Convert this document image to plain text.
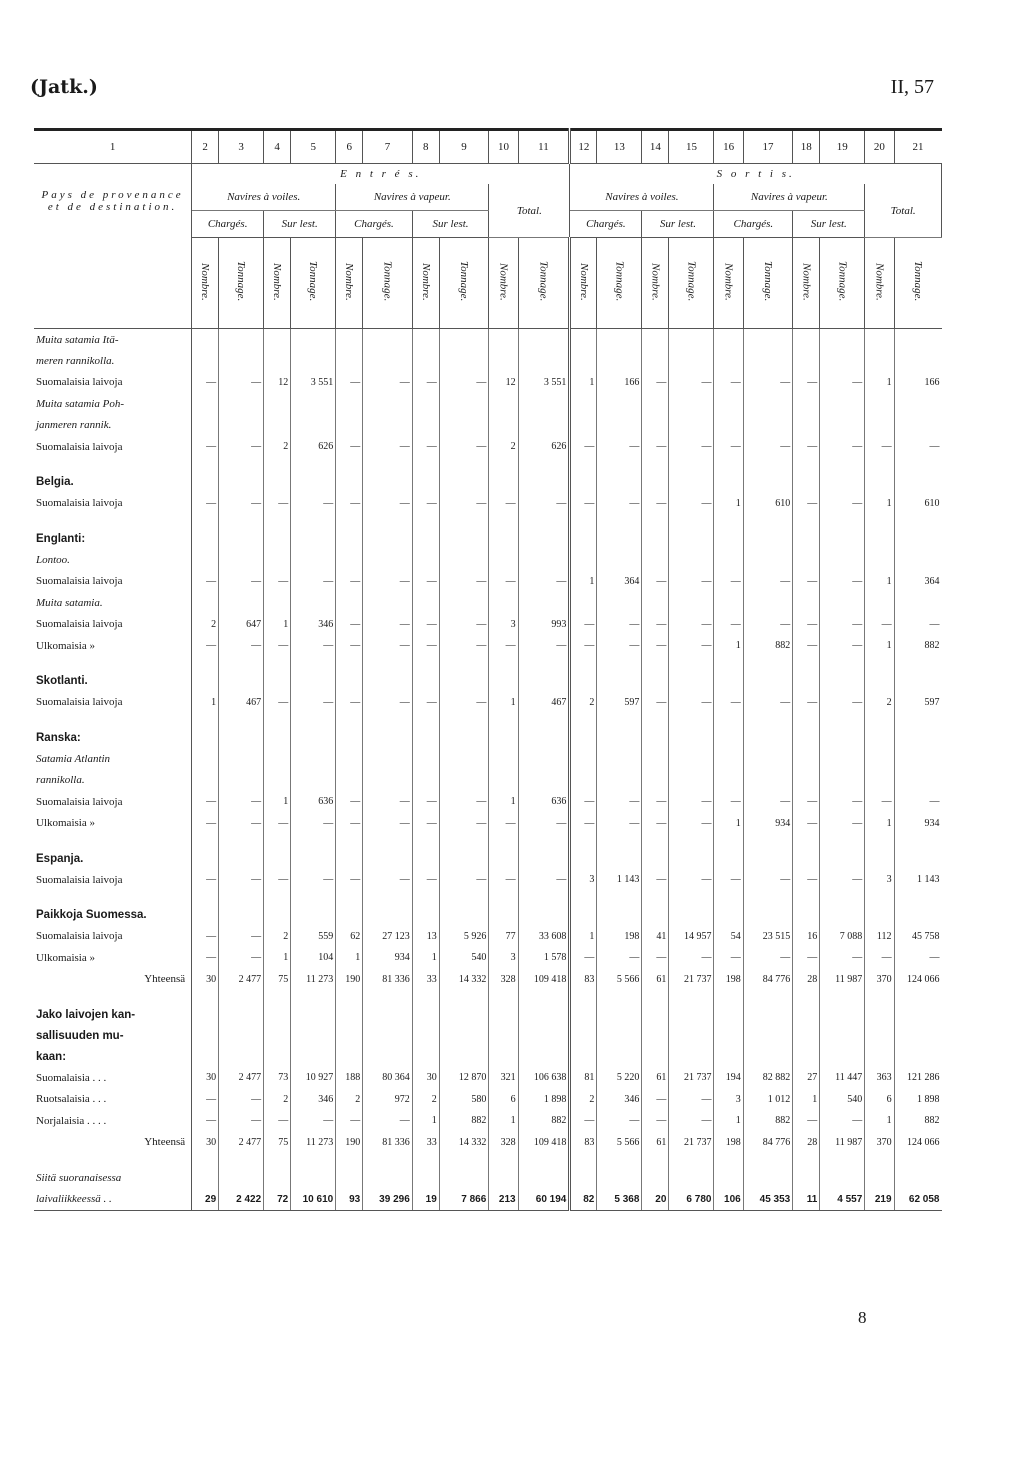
(Jatk.)	II, 57
1	2	3	4	5	6	7	8	9	10	11	12	13	14	15	16	17	18	19	20	21

Pays de provenance et de destination.	E n t r é s.										S o r t i s.									
	Navires à voiles.				Navires à vapeur.				Total.		Navires à voiles.				Navires à vapeur.				Total.	
	Chargés.		Sur lest.		Chargés.		Sur lest.				Chargés.		Sur lest.		Chargés.		Sur lest.			
	Nombre.	Tonnage.	Nombre.	Tonnage.	Nombre.	Tonnage.	Nombre.	Tonnage.	Nombre.	Tonnage.	Nombre.	Tonnage.	Nombre.	Tonnage.	Nombre.	Tonnage.	Nombre.	Tonnage.	Nombre.	Tonnage.
Muita satamia Itä-																				
meren rannikolla.																				
Suomalaisia laivoja	—	—	12	3 551	—	—	—	—	12	3 551	1	166	—	—	—	—	—	—	1	166
Muita satamia Poh-																				
janmeren rannik.																				
Suomalaisia laivoja	—	—	2	626	—	—	—	—	2	626	—	—	—	—	—	—	—	—	—	—

Belgia.																				
Suomalaisia laivoja	—	—	—	—	—	—	—	—	—	—	—	—	—	—	1	610	—	—	1	610

Englanti:																				
Lontoo.																				
Suomalaisia laivoja	—	—	—	—	—	—	—	—	—	—	1	364	—	—	—	—	—	—	1	364
Muita satamia.																				
Suomalaisia laivoja	2	647	1	346	—	—	—	—	3	993	—	—	—	—	—	—	—	—	—	—
Ulkomaisia »	—	—	—	—	—	—	—	—	—	—	—	—	—	—	1	882	—	—	1	882

Skotlanti.																				
Suomalaisia laivoja	1	467	—	—	—	—	—	—	1	467	2	597	—	—	—	—	—	—	2	597

Ranska:																				
Satamia Atlantin																				
rannikolla.																				
Suomalaisia laivoja	—	—	1	636	—	—	—	—	1	636	—	—	—	—	—	—	—	—	—	—
Ulkomaisia »	—	—	—	—	—	—	—	—	—	—	—	—	—	—	1	934	—	—	1	934

Espanja.																				
Suomalaisia laivoja	—	—	—	—	—	—	—	—	—	—	3	1 143	—	—	—	—	—	—	3	1 143

Paikkoja Suomessa.																				
Suomalaisia laivoja	—	—	2	559	62	27 123	13	5 926	77	33 608	1	198	41	14 957	54	23 515	16	7 088	112	45 758
Ulkomaisia »	—	—	1	104	1	934	1	540	3	1 578	—	—	—	—	—	—	—	—	—	—
Yhteensä	30	2 477	75	11 273	190	81 336	33	14 332	328	109 418	83	5 566	61	21 737	198	84 776	28	11 987	370	124 066

Jako laivojen kan-																				
sallisuuden mu-																				
kaan:																				
Suomalaisia . . .	30	2 477	73	10 927	188	80 364	30	12 870	321	106 638	81	5 220	61	21 737	194	82 882	27	11 447	363	121 286
Ruotsalaisia . . .	—	—	2	346	2	972	2	580	6	1 898	2	346	—	—	3	1 012	1	540	6	1 898
Norjalaisia . . . .	—	—	—	—	—	—	1	882	1	882	—	—	—	—	1	882	—	—	1	882
Yhteensä	30	2 477	75	11 273	190	81 336	33	14 332	328	109 418	83	5 566	61	21 737	198	84 776	28	11 987	370	124 066

Siitä suoranaisessa																				
laivaliikkeessä . .	29	2 422	72	10 610	93	39 296	19	7 866	213	60 194	82	5 368	20	6 780	106	45 353	11	4 557	219	62 058
8
